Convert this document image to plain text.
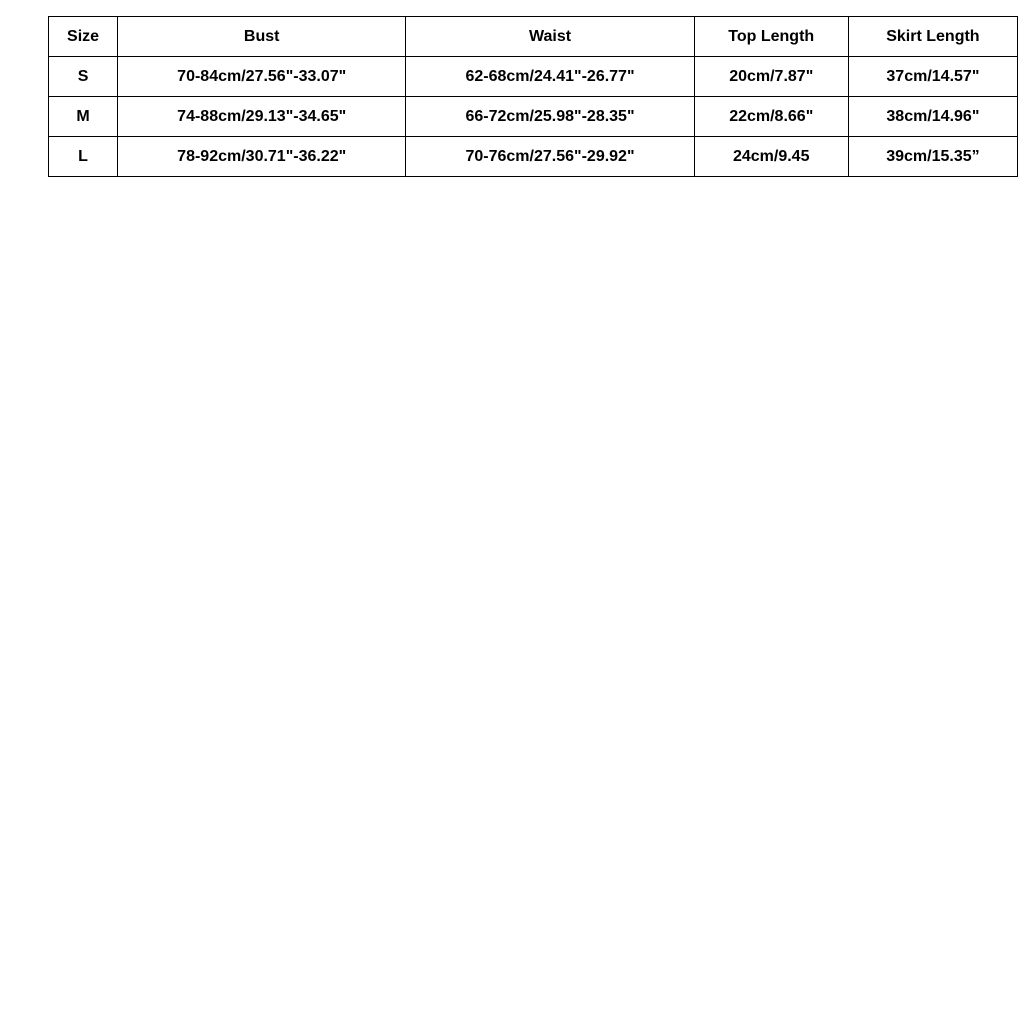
Size	Bust	Waist	Top Length	Skirt Length
S	70-84cm/27.56"-33.07"	62-68cm/24.41"-26.77"	20cm/7.87"	37cm/14.57"
M	74-88cm/29.13"-34.65"	66-72cm/25.98"-28.35"	22cm/8.66"	38cm/14.96"
L	78-92cm/30.71"-36.22"	70-76cm/27.56"-29.92"	24cm/9.45	39cm/15.35”
